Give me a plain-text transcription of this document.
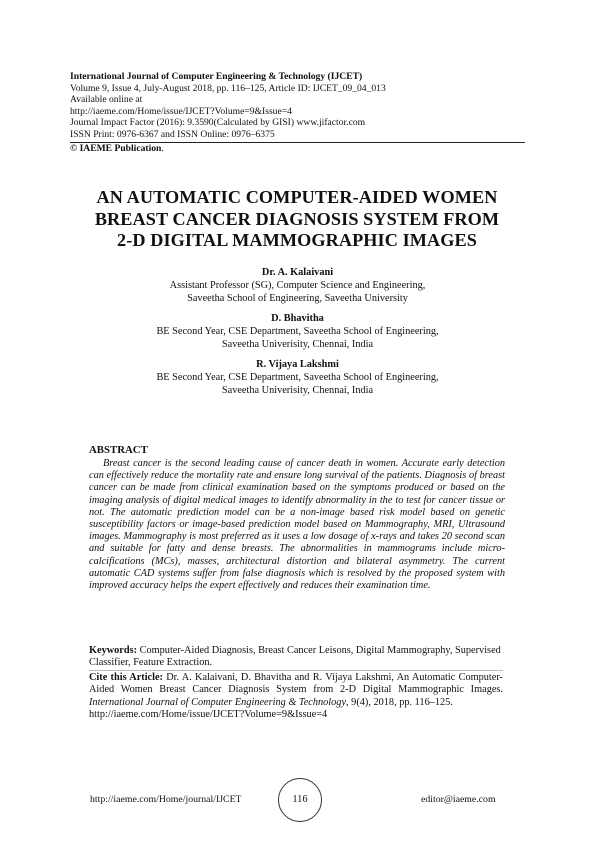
International Journal of Computer Engineering & Technology (IJCET)
Volume 9, Issue 4, July-August 2018, pp. 116–125, Article ID: IJCET_09_04_013
Available online at
http://iaeme.com/Home/issue/IJCET?Volume=9&Issue=4
Journal Impact Factor (2016): 9.3590(Calculated by GISI) www.jifactor.com
ISSN Print: 0976-6367 and ISSN Online: 0976–6375
© IAEME Publication.
AN AUTOMATIC COMPUTER-AIDED WOMEN
BREAST CANCER DIAGNOSIS SYSTEM FROM
2-D DIGITAL MAMMOGRAPHIC IMAGES
Dr. A. Kalaivani
Assistant Professor (SG), Computer Science and Engineering,
Saveetha School of Engineering, Saveetha University
D. Bhavitha
BE Second Year, CSE Department, Saveetha School of Engineering,
Saveetha Univerisity, Chennai, India
R. Vijaya Lakshmi
BE Second Year, CSE Department, Saveetha School of Engineering,
Saveetha Univerisity, Chennai, India
ABSTRACT
Breast cancer is the second leading cause of cancer death in women. Accurate early detection can effectively reduce the mortality rate and ensure long survival of the patients. Diagnosis of breast cancer can be made from clinical examination based on the symptoms produced or based on the imaging analysis of digital medical images to identify abnormality in the to test for cancer tissue or not. The automatic prediction model can be a non-image based risk model based on genetic susceptibility factors or image-based prediction model based on Mammography, MRI, Ultrasound images. Mammography is most preferred as it uses a low dosage of x-rays and takes 20 second scan and suitable for fatty and dense breasts. The abnormalities in mammograms include micro-calcifications (MCs), masses, architectural distortion and bilateral asymmetry. The current automatic CAD systems suffer from false diagnosis which is resolved by the proposed system with improved accuracy helps the expert effectively and reduces their examination time.
Keywords: Computer-Aided Diagnosis, Breast Cancer Leisons, Digital Mammography, Supervised Classifier, Feature Extraction.
Cite this Article: Dr. A. Kalaivani, D. Bhavitha and R. Vijaya Lakshmi, An Automatic Computer-Aided Women Breast Cancer Diagnosis System from 2-D Digital Mammographic Images. International Journal of Computer Engineering & Technology, 9(4), 2018, pp. 116–125.
http://iaeme.com/Home/issue/IJCET?Volume=9&Issue=4
http://iaeme.com/Home/journal/IJCET	116	editor@iaeme.com
